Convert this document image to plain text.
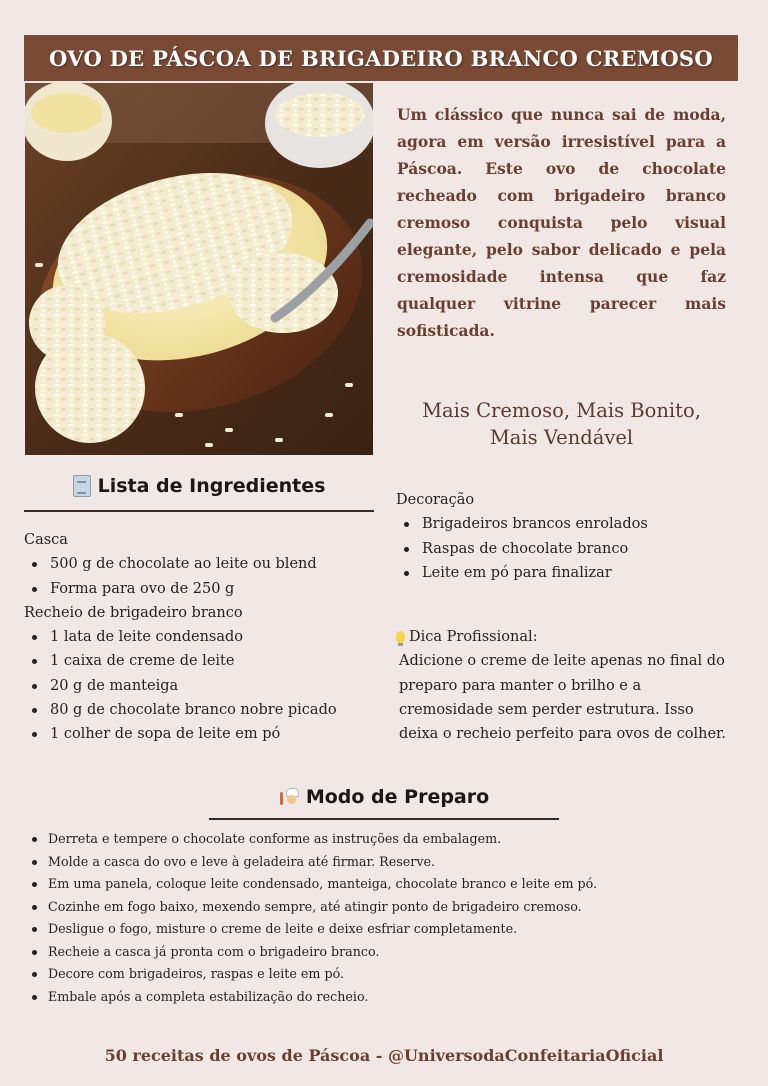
OVO DE PÁSCOA DE BRIGADEIRO BRANCO CREMOSO
Um clássico que nunca sai de moda, agora em versão irresistível para a Páscoa. Este ovo de chocolate recheado com brigadeiro branco cremoso conquista pelo visual elegante, pelo sabor delicado e pela cremosidade intensa que faz qualquer vitrine parecer mais sofisticada.
Mais Cremoso, Mais Bonito, Mais Vendável
Lista de Ingredientes
Casca
500 g de chocolate ao leite ou blend
Forma para ovo de 250 g
Recheio de brigadeiro branco
1 lata de leite condensado
1 caixa de creme de leite
20 g de manteiga
80 g de chocolate branco nobre picado
1 colher de sopa de leite em pó
Decoração
Brigadeiros brancos enrolados
Raspas de chocolate branco
Leite em pó para finalizar
Dica Profissional:
Adicione o creme de leite apenas no final do preparo para manter o brilho e a cremosidade sem perder estrutura. Isso deixa o recheio perfeito para ovos de colher.
Modo de Preparo
Derreta e tempere o chocolate conforme as instruções da embalagem.
Molde a casca do ovo e leve à geladeira até firmar. Reserve.
Em uma panela, coloque leite condensado, manteiga, chocolate branco e leite em pó.
Cozinhe em fogo baixo, mexendo sempre, até atingir ponto de brigadeiro cremoso.
Desligue o fogo, misture o creme de leite e deixe esfriar completamente.
Recheie a casca já pronta com o brigadeiro branco.
Decore com brigadeiros, raspas e leite em pó.
Embale após a completa estabilização do recheio.
50 receitas de ovos de Páscoa - @UniversodaConfeitariaOficial
